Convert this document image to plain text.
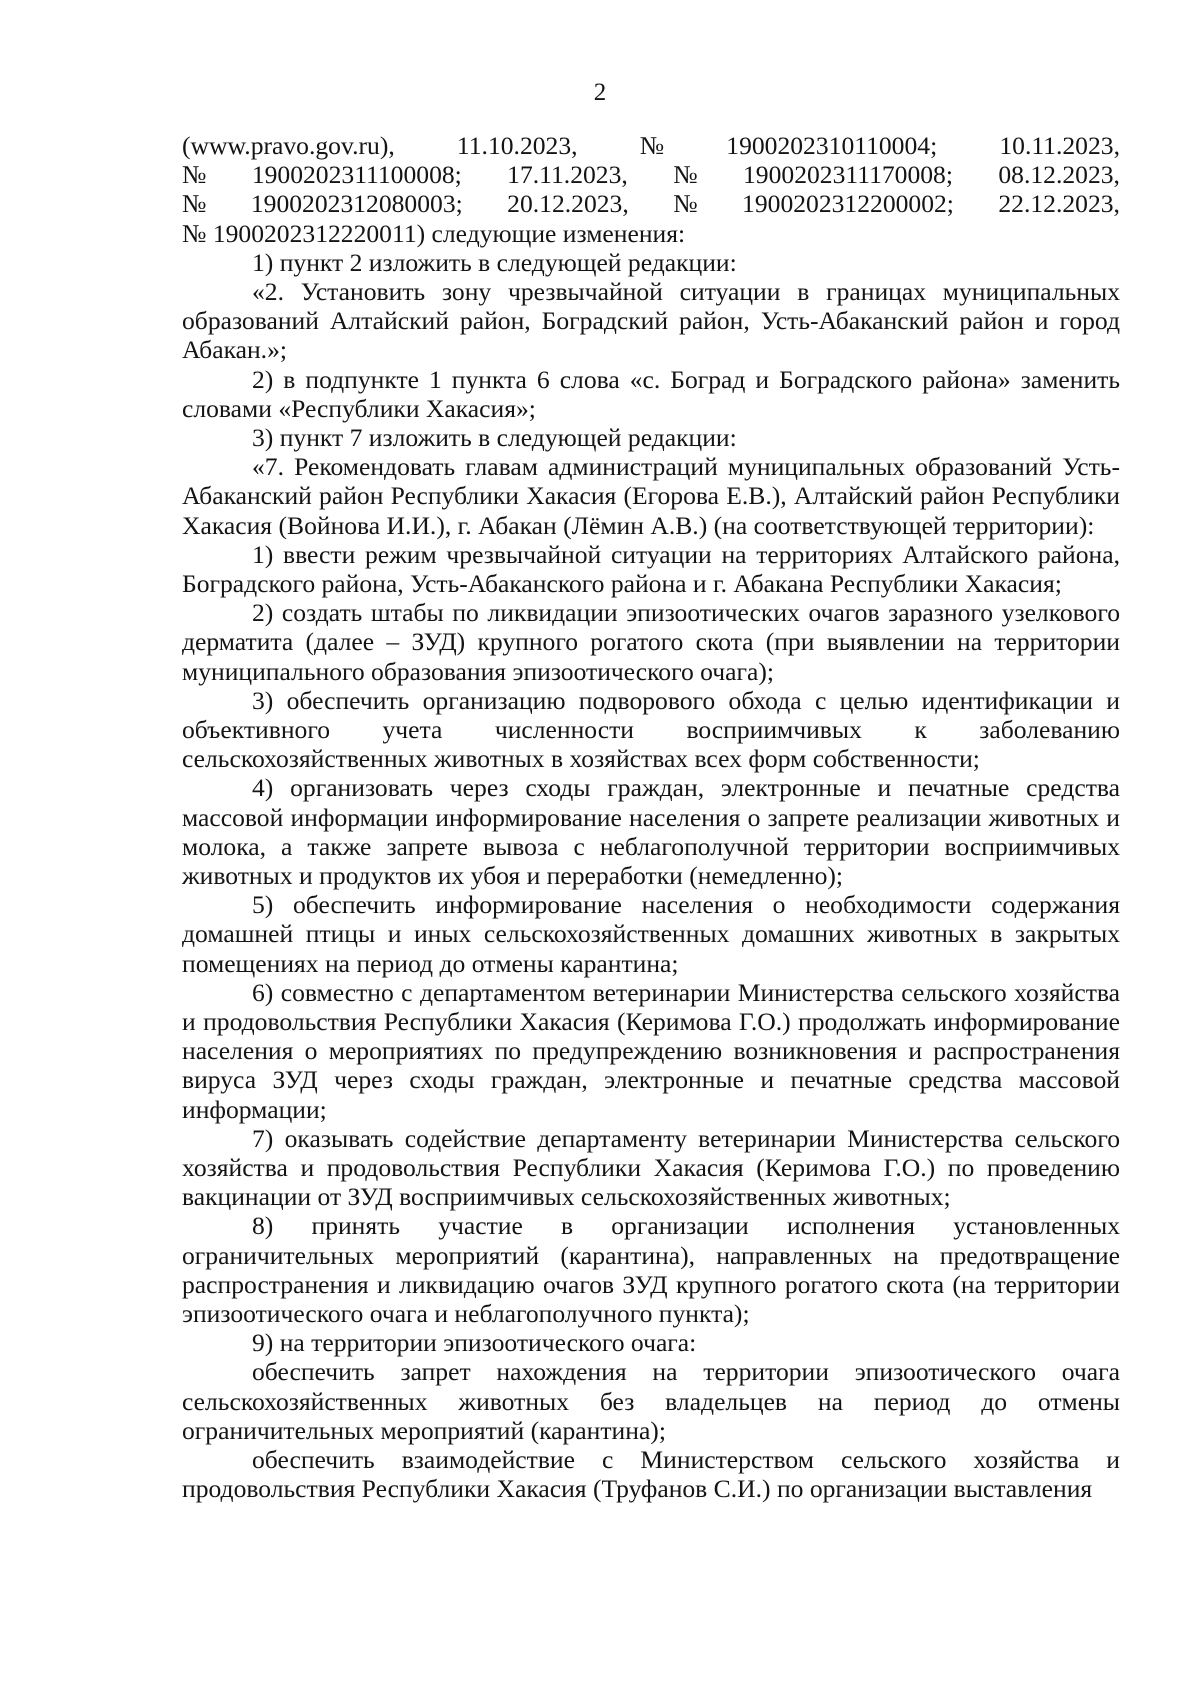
2
(www.pravo.gov.ru), 11.10.2023, № 1900202310110004; 10.11.2023,
№ 1900202311100008; 17.11.2023, № 1900202311170008; 08.12.2023,
№ 1900202312080003; 20.12.2023, № 1900202312200002; 22.12.2023,
№ 1900202312220011) следующие изменения:

1) пункт 2 изложить в следующей редакции:

«2. Установить зону чрезвычайной ситуации в границах муниципальных образований Алтайский район, Боградский район, Усть-Абаканский район и город Абакан.»;

2) в подпункте 1 пункта 6 слова «с. Боград и Боградского района» заменить словами «Республики Хакасия»;

3) пункт 7 изложить в следующей редакции:

«7. Рекомендовать главам администраций муниципальных образований Усть-Абаканский район Республики Хакасия (Егорова Е.В.), Алтайский район Республики Хакасия (Войнова И.И.), г. Абакан (Лёмин А.В.) (на соответствующей территории):

1) ввести режим чрезвычайной ситуации на территориях Алтайского района, Боградского района, Усть-Абаканского района и г. Абакана Республики Хакасия;

2) создать штабы по ликвидации эпизоотических очагов заразного узелкового дерматита (далее – ЗУД) крупного рогатого скота (при выявлении на территории муниципального образования эпизоотического очага);

3) обеспечить организацию подворового обхода с целью идентификации и объективного учета численности восприимчивых к заболеванию сельскохозяйственных животных в хозяйствах всех форм собственности;

4) организовать через сходы граждан, электронные и печатные средства массовой информации информирование населения о запрете реализации животных и молока, а также запрете вывоза с неблагополучной территории восприимчивых животных и продуктов их убоя и переработки (немедленно);

5) обеспечить информирование населения о необходимости содержания домашней птицы и иных сельскохозяйственных домашних животных в закрытых помещениях на период до отмены карантина;

6) совместно с департаментом ветеринарии Министерства сельского хозяйства и продовольствия Республики Хакасия (Керимова Г.О.) продолжать информирование населения о мероприятиях по предупреждению возникновения и распространения вируса ЗУД через сходы граждан, электронные и печатные средства массовой информации;

7) оказывать содействие департаменту ветеринарии Министерства сельского хозяйства и продовольствия Республики Хакасия (Керимова Г.О.) по проведению вакцинации от ЗУД восприимчивых сельскохозяйственных животных;

8) принять участие в организации исполнения установленных ограничительных мероприятий (карантина), направленных на предотвращение распространения и ликвидацию очагов ЗУД крупного рогатого скота (на территории эпизоотического очага и неблагополучного пункта);

9) на территории эпизоотического очага:

обеспечить запрет нахождения на территории эпизоотического очага сельскохозяйственных животных без владельцев на период до отмены ограничительных мероприятий (карантина);

обеспечить взаимодействие с Министерством сельского хозяйства и продовольствия Республики Хакасия (Труфанов С.И.) по организации выставления
